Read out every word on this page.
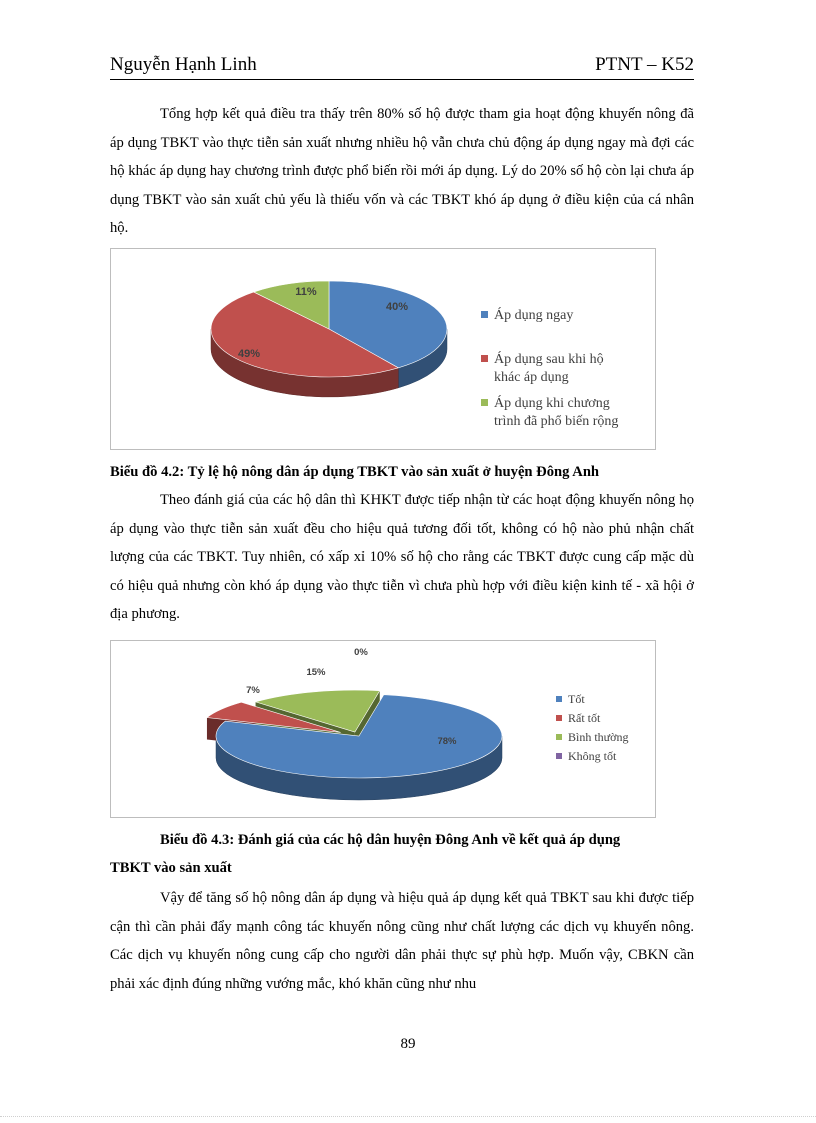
Nguyễn Hạnh Linh	PTNT – K52

Tổng hợp kết quả điều tra thấy trên 80% số hộ được tham gia hoạt động khuyến nông đã áp dụng TBKT vào thực tiễn sản xuất nhưng nhiều hộ vẫn chưa chủ động áp dụng ngay mà đợi các hộ khác áp dụng hay chương trình được phổ biến rồi mới áp dụng. Lý do 20% số hộ còn lại chưa áp dụng TBKT vào sản xuất chủ yếu là thiếu vốn và các TBKT khó áp dụng ở điều kiện của cá nhân hộ.

40%
49%
11%
Áp dụng ngay
Áp dụng sau khi hộ
khác áp dụng
Áp dụng khi chương
trình đã phổ biến rộng

Biểu đồ 4.2: Tỷ lệ hộ nông dân áp dụng TBKT vào sản xuất ở huyện Đông Anh

Theo đánh giá của các hộ dân thì KHKT được tiếp nhận từ các hoạt động khuyến nông họ áp dụng vào thực tiễn sản xuất đều cho hiệu quả tương đối tốt, không có hộ nào phủ nhận chất lượng của các TBKT. Tuy nhiên, có xấp xỉ 10% số hộ cho rằng các TBKT được cung cấp mặc dù có hiệu quả nhưng còn khó áp dụng vào thực tiễn vì chưa phù hợp với điều kiện kinh tế - xã hội ở địa phương.

78%
7%
15%
0%
Tốt
Rất tốt
Bình thường
Không tốt

Biểu đồ 4.3: Đánh giá của các hộ dân huyện Đông Anh về kết quả áp dụng
TBKT vào sản xuất

Vậy để tăng số hộ nông dân áp dụng và hiệu quả áp dụng kết quả TBKT sau khi được tiếp cận thì cần phải đẩy mạnh công tác khuyến nông cũng như chất lượng các dịch vụ khuyến nông. Các dịch vụ khuyến nông cung cấp cho người dân phải thực sự phù hợp. Muốn vậy, CBKN cần phải xác định đúng những vướng mắc, khó khăn cũng như nhu

89
